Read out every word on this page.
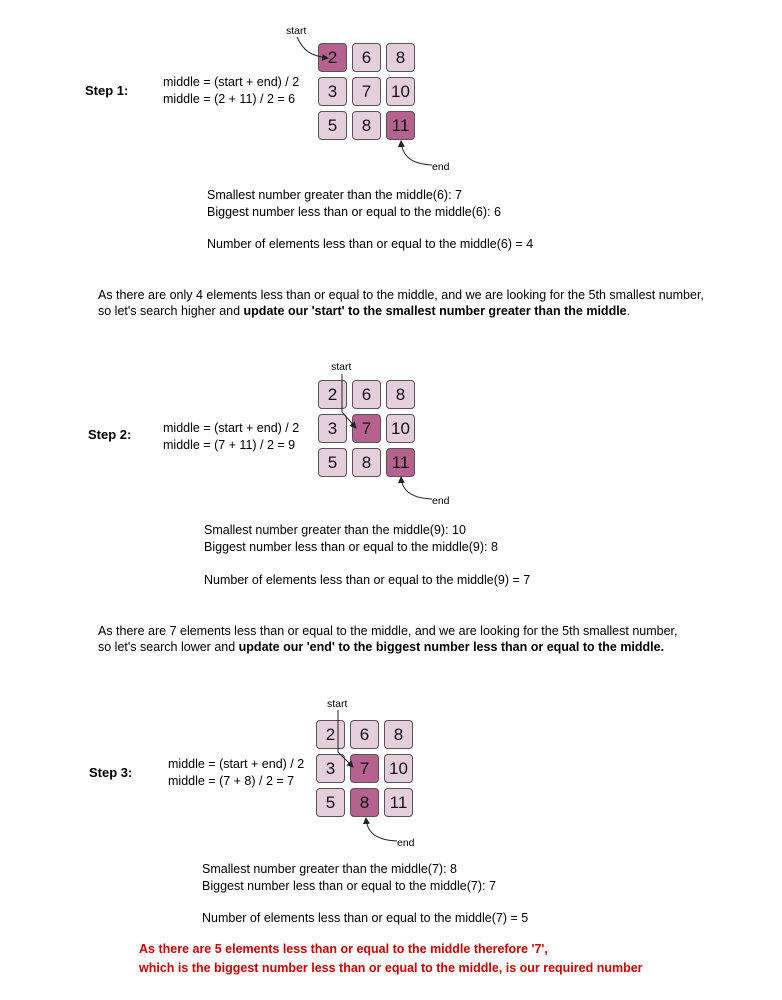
Step 1:
middle = (start + end) / 2
middle = (2 + 11) / 2 = 6
start
2	6	8
3	7	10
5	8	11
end
Smallest number greater than the middle(6): 7
Biggest number less than or equal to the middle(6): 6
Number of elements less than or equal to the middle(6) = 4
As there are only 4 elements less than or equal to the middle, and we are looking for the 5th smallest number,
so let's search higher and update our 'start' to the smallest number greater than the middle.
Step 2:	middle = (start + end) / 2
middle = (7 + 11) / 2 = 9
start
2	6	8
3	7	10
5	8	11
end
Smallest number greater than the middle(9): 10
Biggest number less than or equal to the middle(9): 8
Number of elements less than or equal to the middle(9) = 7
As there are 7 elements less than or equal to the middle, and we are looking for the 5th smallest number,
so let's search lower and update our 'end' to the biggest number less than or equal to the middle.
Step 3:
middle = (start + end) / 2
middle = (7 + 8) / 2 = 7
start
2	6	8
3	7	10
5	8	11
end
Smallest number greater than the middle(7): 8
Biggest number less than or equal to the middle(7): 7
Number of elements less than or equal to the middle(7) = 5
As there are 5 elements less than or equal to the middle therefore '7',
which is the biggest number less than or equal to the middle, is our required number
